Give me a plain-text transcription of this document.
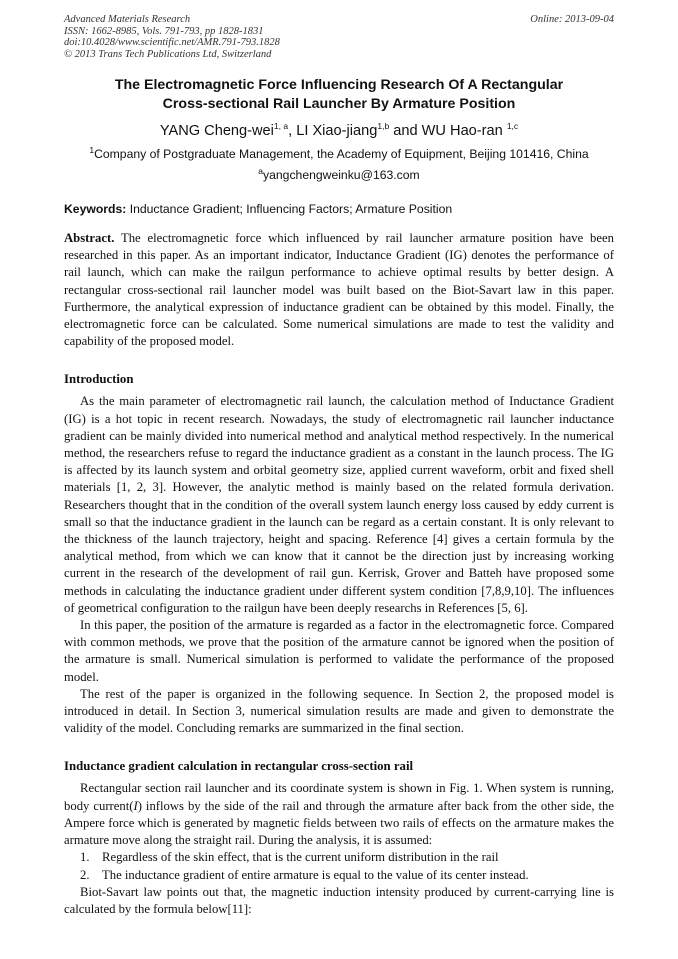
Advanced Materials Research
ISSN: 1662-8985, Vols. 791-793, pp 1828-1831
doi:10.4028/www.scientific.net/AMR.791-793.1828
© 2013 Trans Tech Publications Ltd, Switzerland
Online: 2013-09-04
The Electromagnetic Force Influencing Research Of A Rectangular
Cross-sectional Rail Launcher By Armature Position
YANG Cheng-wei$^{1, a}$, LI Xiao-jiang$^{1,b}$ and WU Hao-ran $^{1,c}$
$^1$Company of Postgraduate Management, the Academy of Equipment, Beijing 101416, China
$^a$yangchengweinku@163.com
Keywords: Inductance Gradient; Influencing Factors; Armature Position
Abstract. The electromagnetic force which influenced by rail launcher armature position have been researched in this paper. As an important indicator, Inductance Gradient (IG) denotes the performance of rail launch, which can make the railgun performance to achieve optimal results by better design. A rectangular cross-sectional rail launcher model was built based on the Biot-Savart law in this paper. Furthermore, the analytical expression of inductance gradient can be obtained by this model. Finally, the electromagnetic force can be calculated. Some numerical simulations are made to test the validity and capability of the proposed model.
Introduction
As the main parameter of electromagnetic rail launch, the calculation method of Inductance Gradient (IG) is a hot topic in recent research. Nowadays, the study of electromagnetic rail launcher inductance gradient can be mainly divided into numerical method and analytical method respectively. In the numerical method, the researchers refuse to regard the inductance gradient as a constant in the launch process. The IG is affected by its launch system and orbital geometry size, applied current waveform, orbit and fixed shell materials [1, 2, 3]. However, the analytic method is mainly based on the related formula derivation. Researchers thought that in the condition of the overall system launch energy loss caused by eddy current is small so that the inductance gradient in the launch can be regard as a certain constant. It is only relevant to the thickness of the launch trajectory, height and spacing. Reference [4] gives a certain formula by the analytical method, from which we can know that it cannot be the direction just by increasing working current in the research of the development of rail gun. Kerrisk, Grover and Batteh have proposed some methods in calculating the inductance gradient under different system condition [7,8,9,10]. The influences of geometrical configuration to the railgun have been deeply researchs in References [5, 6].
In this paper, the position of the armature is regarded as a factor in the electromagnetic force. Compared with common methods, we prove that the position of the armature cannot be ignored when the position of the armature is small. Numerical simulation is performed to validate the performance of the proposed model.
The rest of the paper is organized in the following sequence. In Section 2, the proposed model is introduced in detail. In Section 3, numerical simulation results are made and given to demonstrate the validity of the model. Concluding remarks are summarized in the final section.
Inductance gradient calculation in rectangular cross-section rail
Rectangular section rail launcher and its coordinate system is shown in Fig. 1. When system is running, body current(I) inflows by the side of the rail and through the armature after back from the other side, the Ampere force which is generated by magnetic fields between two rails of effects on the armature makes the armature move along the straight rail. During the analysis, it is assumed:
1. Regardless of the skin effect, that is the current uniform distribution in the rail
2. The inductance gradient of entire armature is equal to the value of its center instead.
Biot-Savart law points out that, the magnetic induction intensity produced by current-carrying line is calculated by the formula below[11]:
